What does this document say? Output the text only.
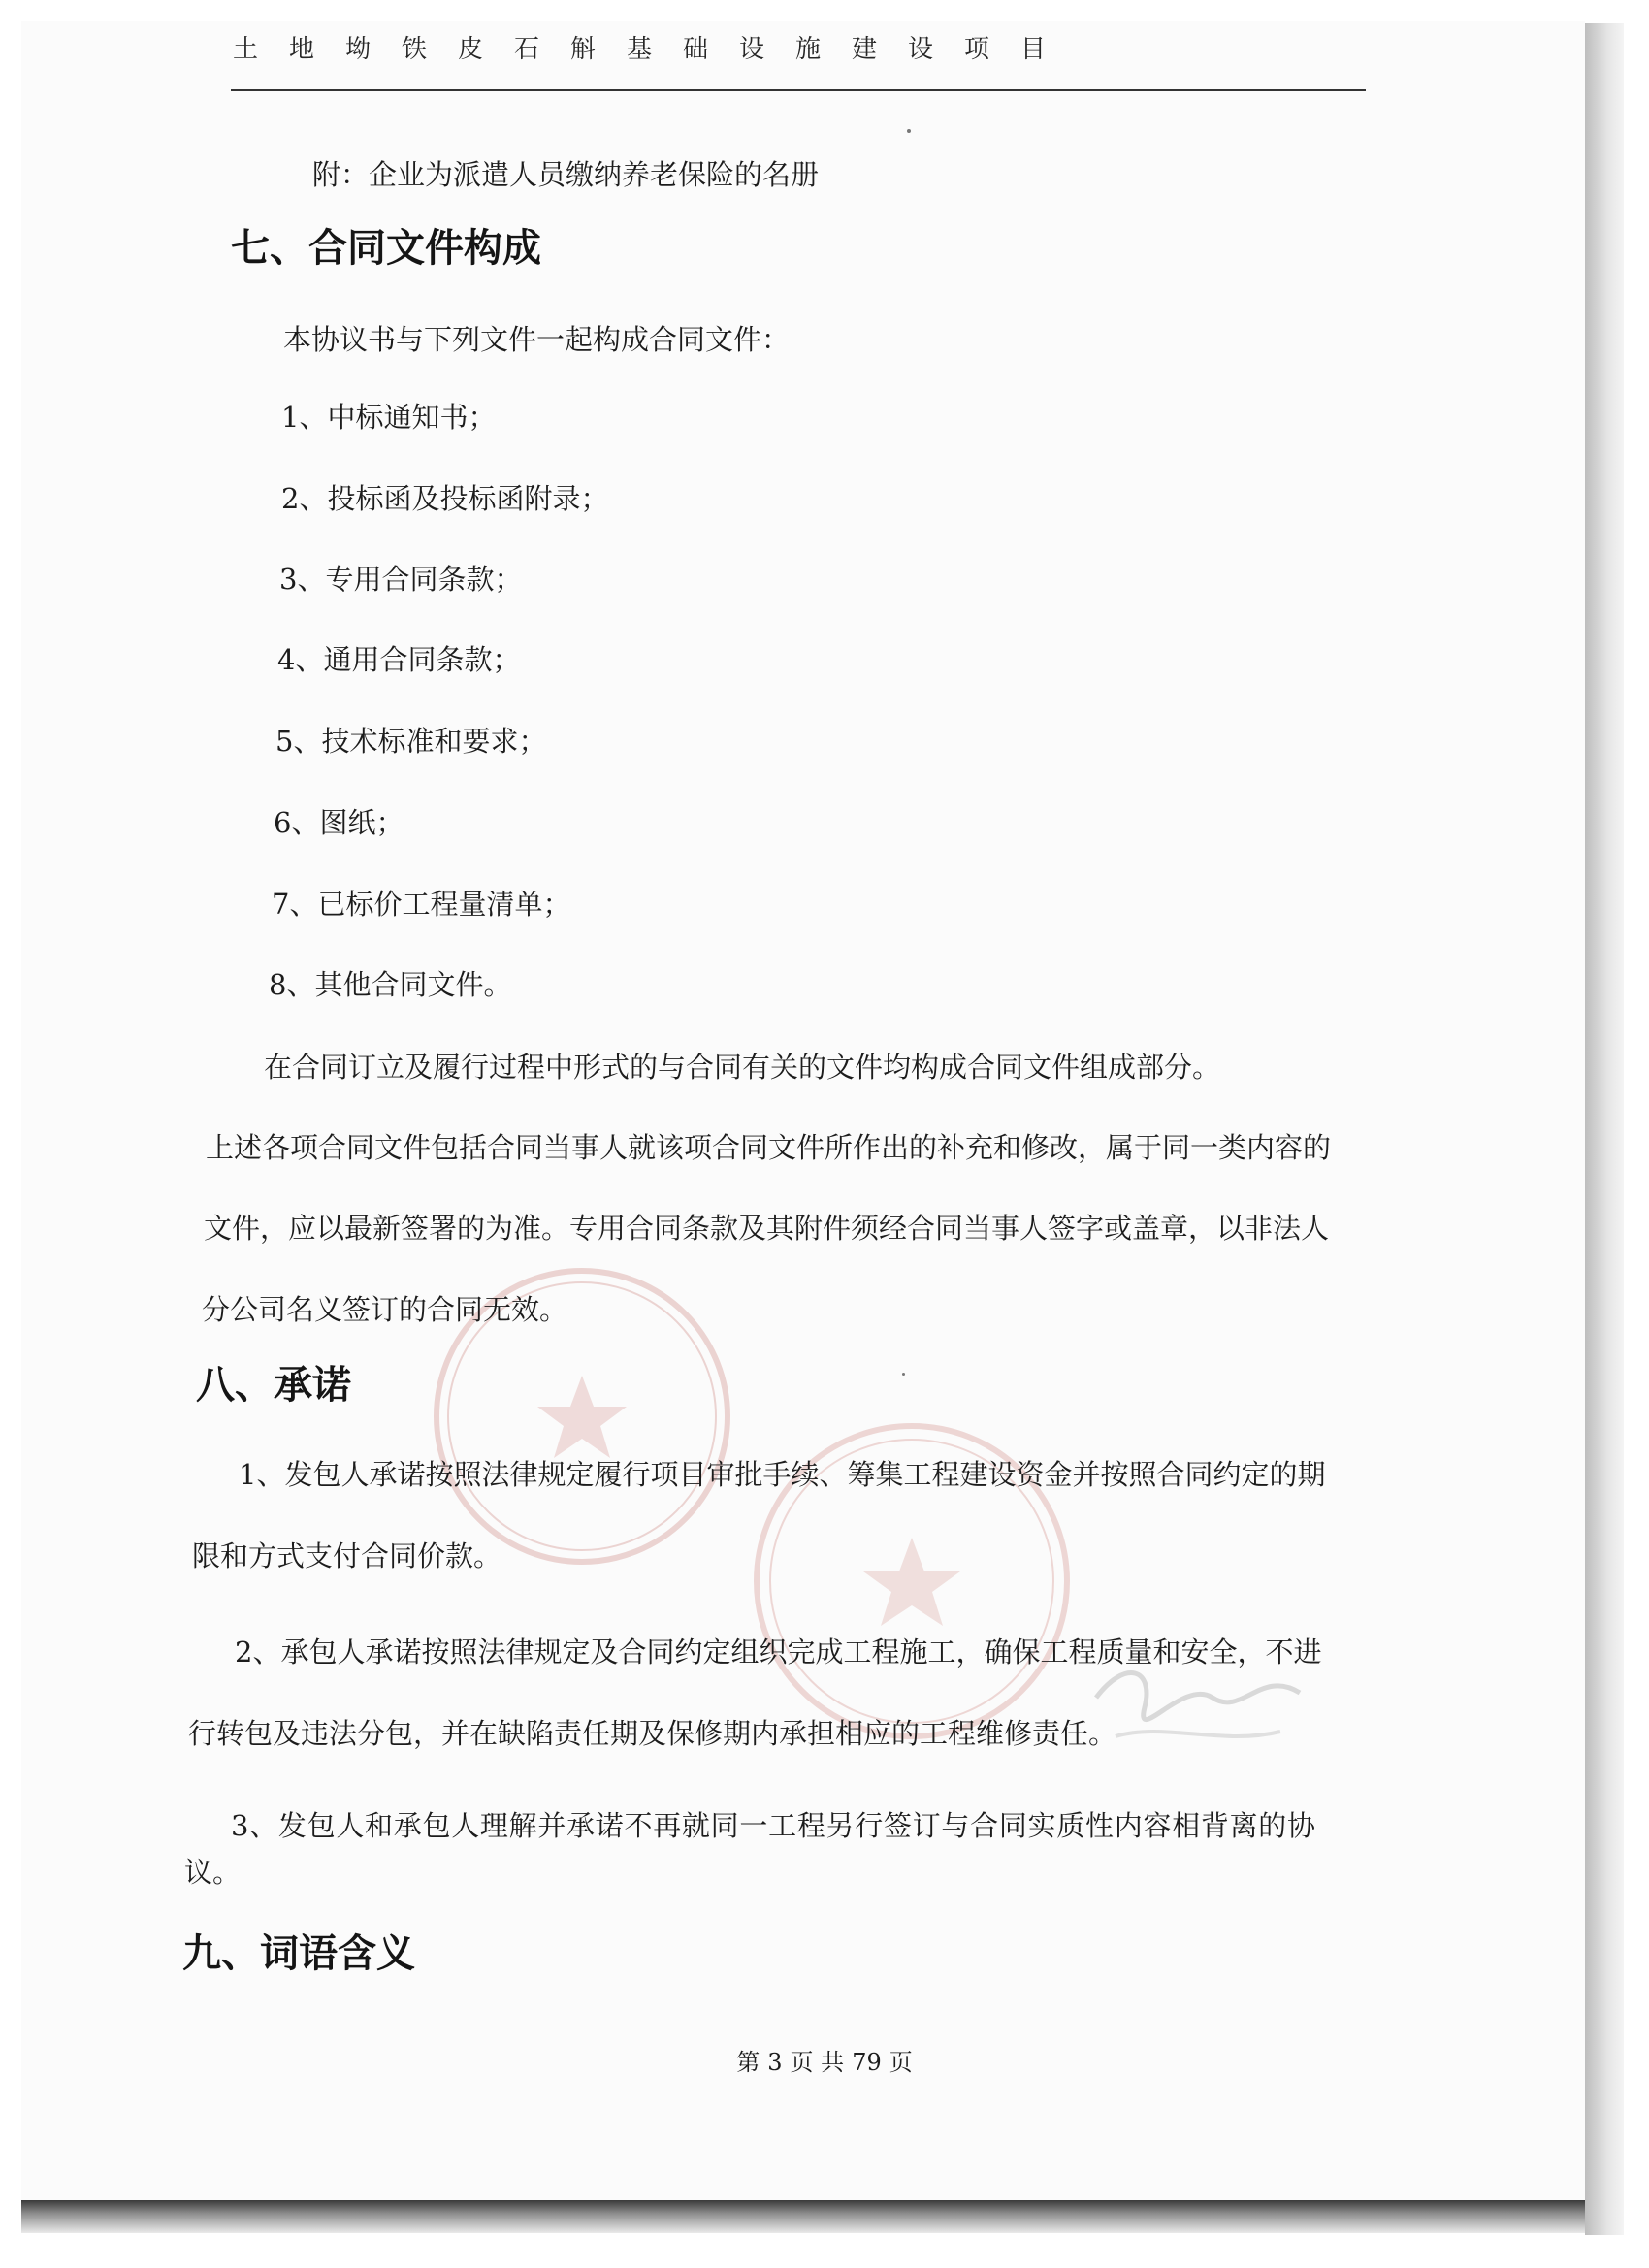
土地坳铁皮石斛基础设施建设项目
附：企业为派遣人员缴纳养老保险的名册
七、合同文件构成
本协议书与下列文件一起构成合同文件：
1、中标通知书；
2、投标函及投标函附录；
3、专用合同条款；
4、通用合同条款；
5、技术标准和要求；
6、图纸；
7、已标价工程量清单；
8、其他合同文件。
在合同订立及履行过程中形式的与合同有关的文件均构成合同文件组成部分。
上述各项合同文件包括合同当事人就该项合同文件所作出的补充和修改，属于同一类内容的
文件，应以最新签署的为准。专用合同条款及其附件须经合同当事人签字或盖章，以非法人
分公司名义签订的合同无效。
八、承诺
1、发包人承诺按照法律规定履行项目审批手续、筹集工程建设资金并按照合同约定的期
限和方式支付合同价款。
2、承包人承诺按照法律规定及合同约定组织完成工程施工，确保工程质量和安全，不进
行转包及违法分包，并在缺陷责任期及保修期内承担相应的工程维修责任。
3、发包人和承包人理解并承诺不再就同一工程另行签订与合同实质性内容相背离的协
议。
九、词语含义
第 3 页 共 79 页
